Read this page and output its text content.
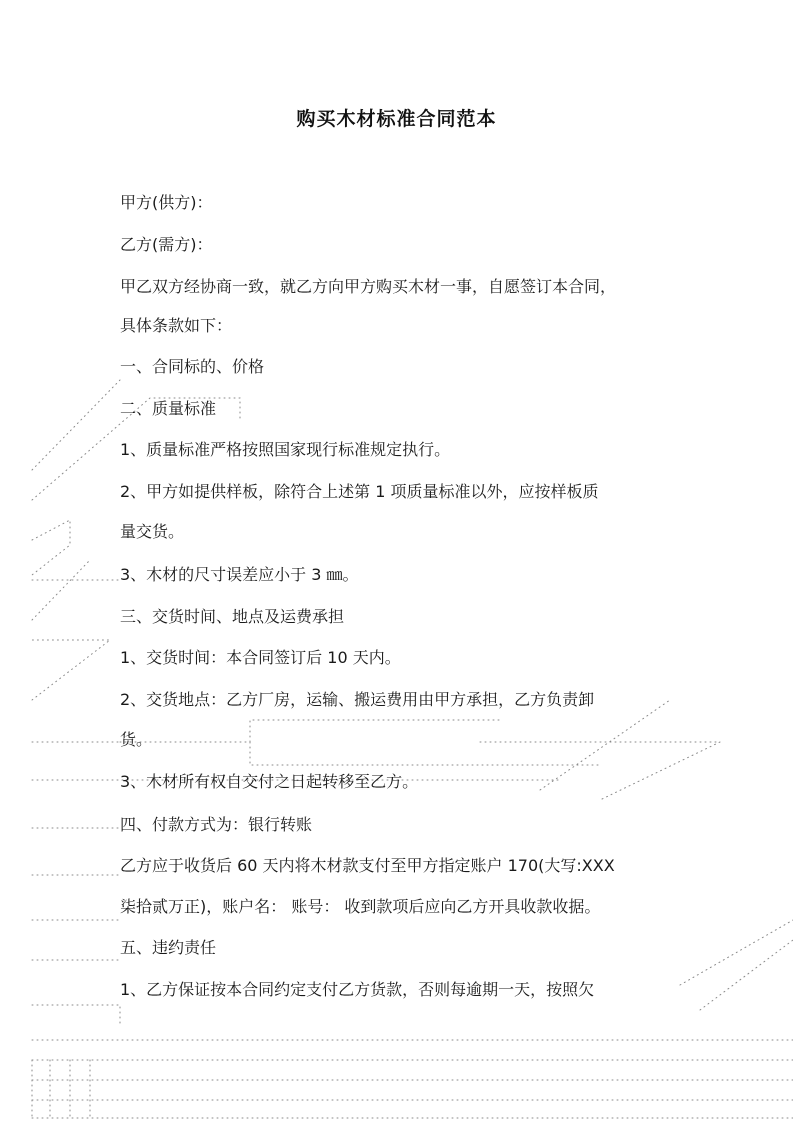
购买木材标准合同范本

甲方(供方)：

乙方(需方)：

甲乙双方经协商一致，就乙方向甲方购买木材一事，自愿签订本合同，

具体条款如下：

一、合同标的、价格

二、质量标准

1、质量标准严格按照国家现行标准规定执行。

2、甲方如提供样板，除符合上述第 1 项质量标准以外，应按样板质

量交货。

3、木材的尺寸误差应小于 3 ㎜。

三、交货时间、地点及运费承担

1、交货时间：本合同签订后 10 天内。

2、交货地点：乙方厂房，运输、搬运费用由甲方承担，乙方负责卸

货。

3、木材所有权自交付之日起转移至乙方。

四、付款方式为：银行转账

乙方应于收货后 60 天内将木材款支付至甲方指定账户 170(大写:XXX

柒拾贰万正)，账户名： 账号： 收到款项后应向乙方开具收款收据。

五、违约责任

1、乙方保证按本合同约定支付乙方货款，否则每逾期一天，按照欠
